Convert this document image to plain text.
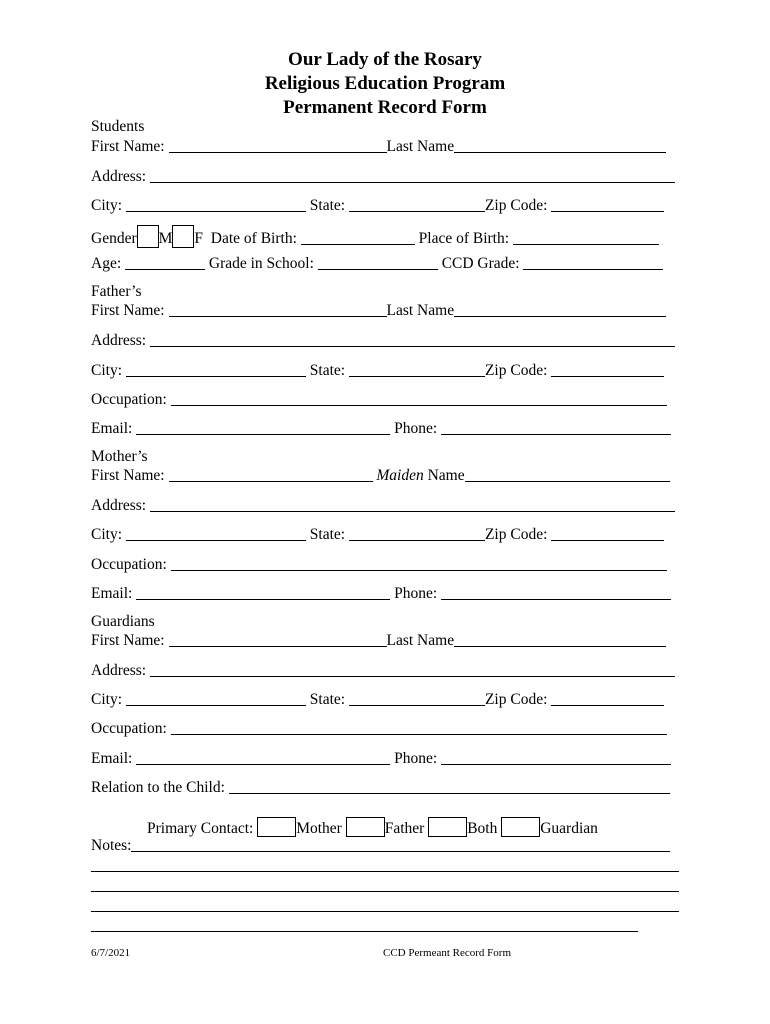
Our Lady of the Rosary
Religious Education Program
Permanent Record Form
Students
First Name:	Last Name
Address:
City:	State:	Zip Code:
Gender M F Date of Birth:	Place of Birth:
Age:	Grade in School:	CCD Grade:
Father’s
First Name:	Last Name
Address:
City:	State:	Zip Code:
Occupation:
Email:	Phone:
Mother’s
First Name:	Maiden Name
Address:
City:	State:	Zip Code:
Occupation:
Email:	Phone:
Guardians
First Name:	Last Name
Address:
City:	State:	Zip Code:
Occupation:
Email:	Phone:
Relation to the Child:
Primary Contact:	Mother	Father	Both	Guardian
Notes:
6/7/2021	CCD Permeant Record Form
